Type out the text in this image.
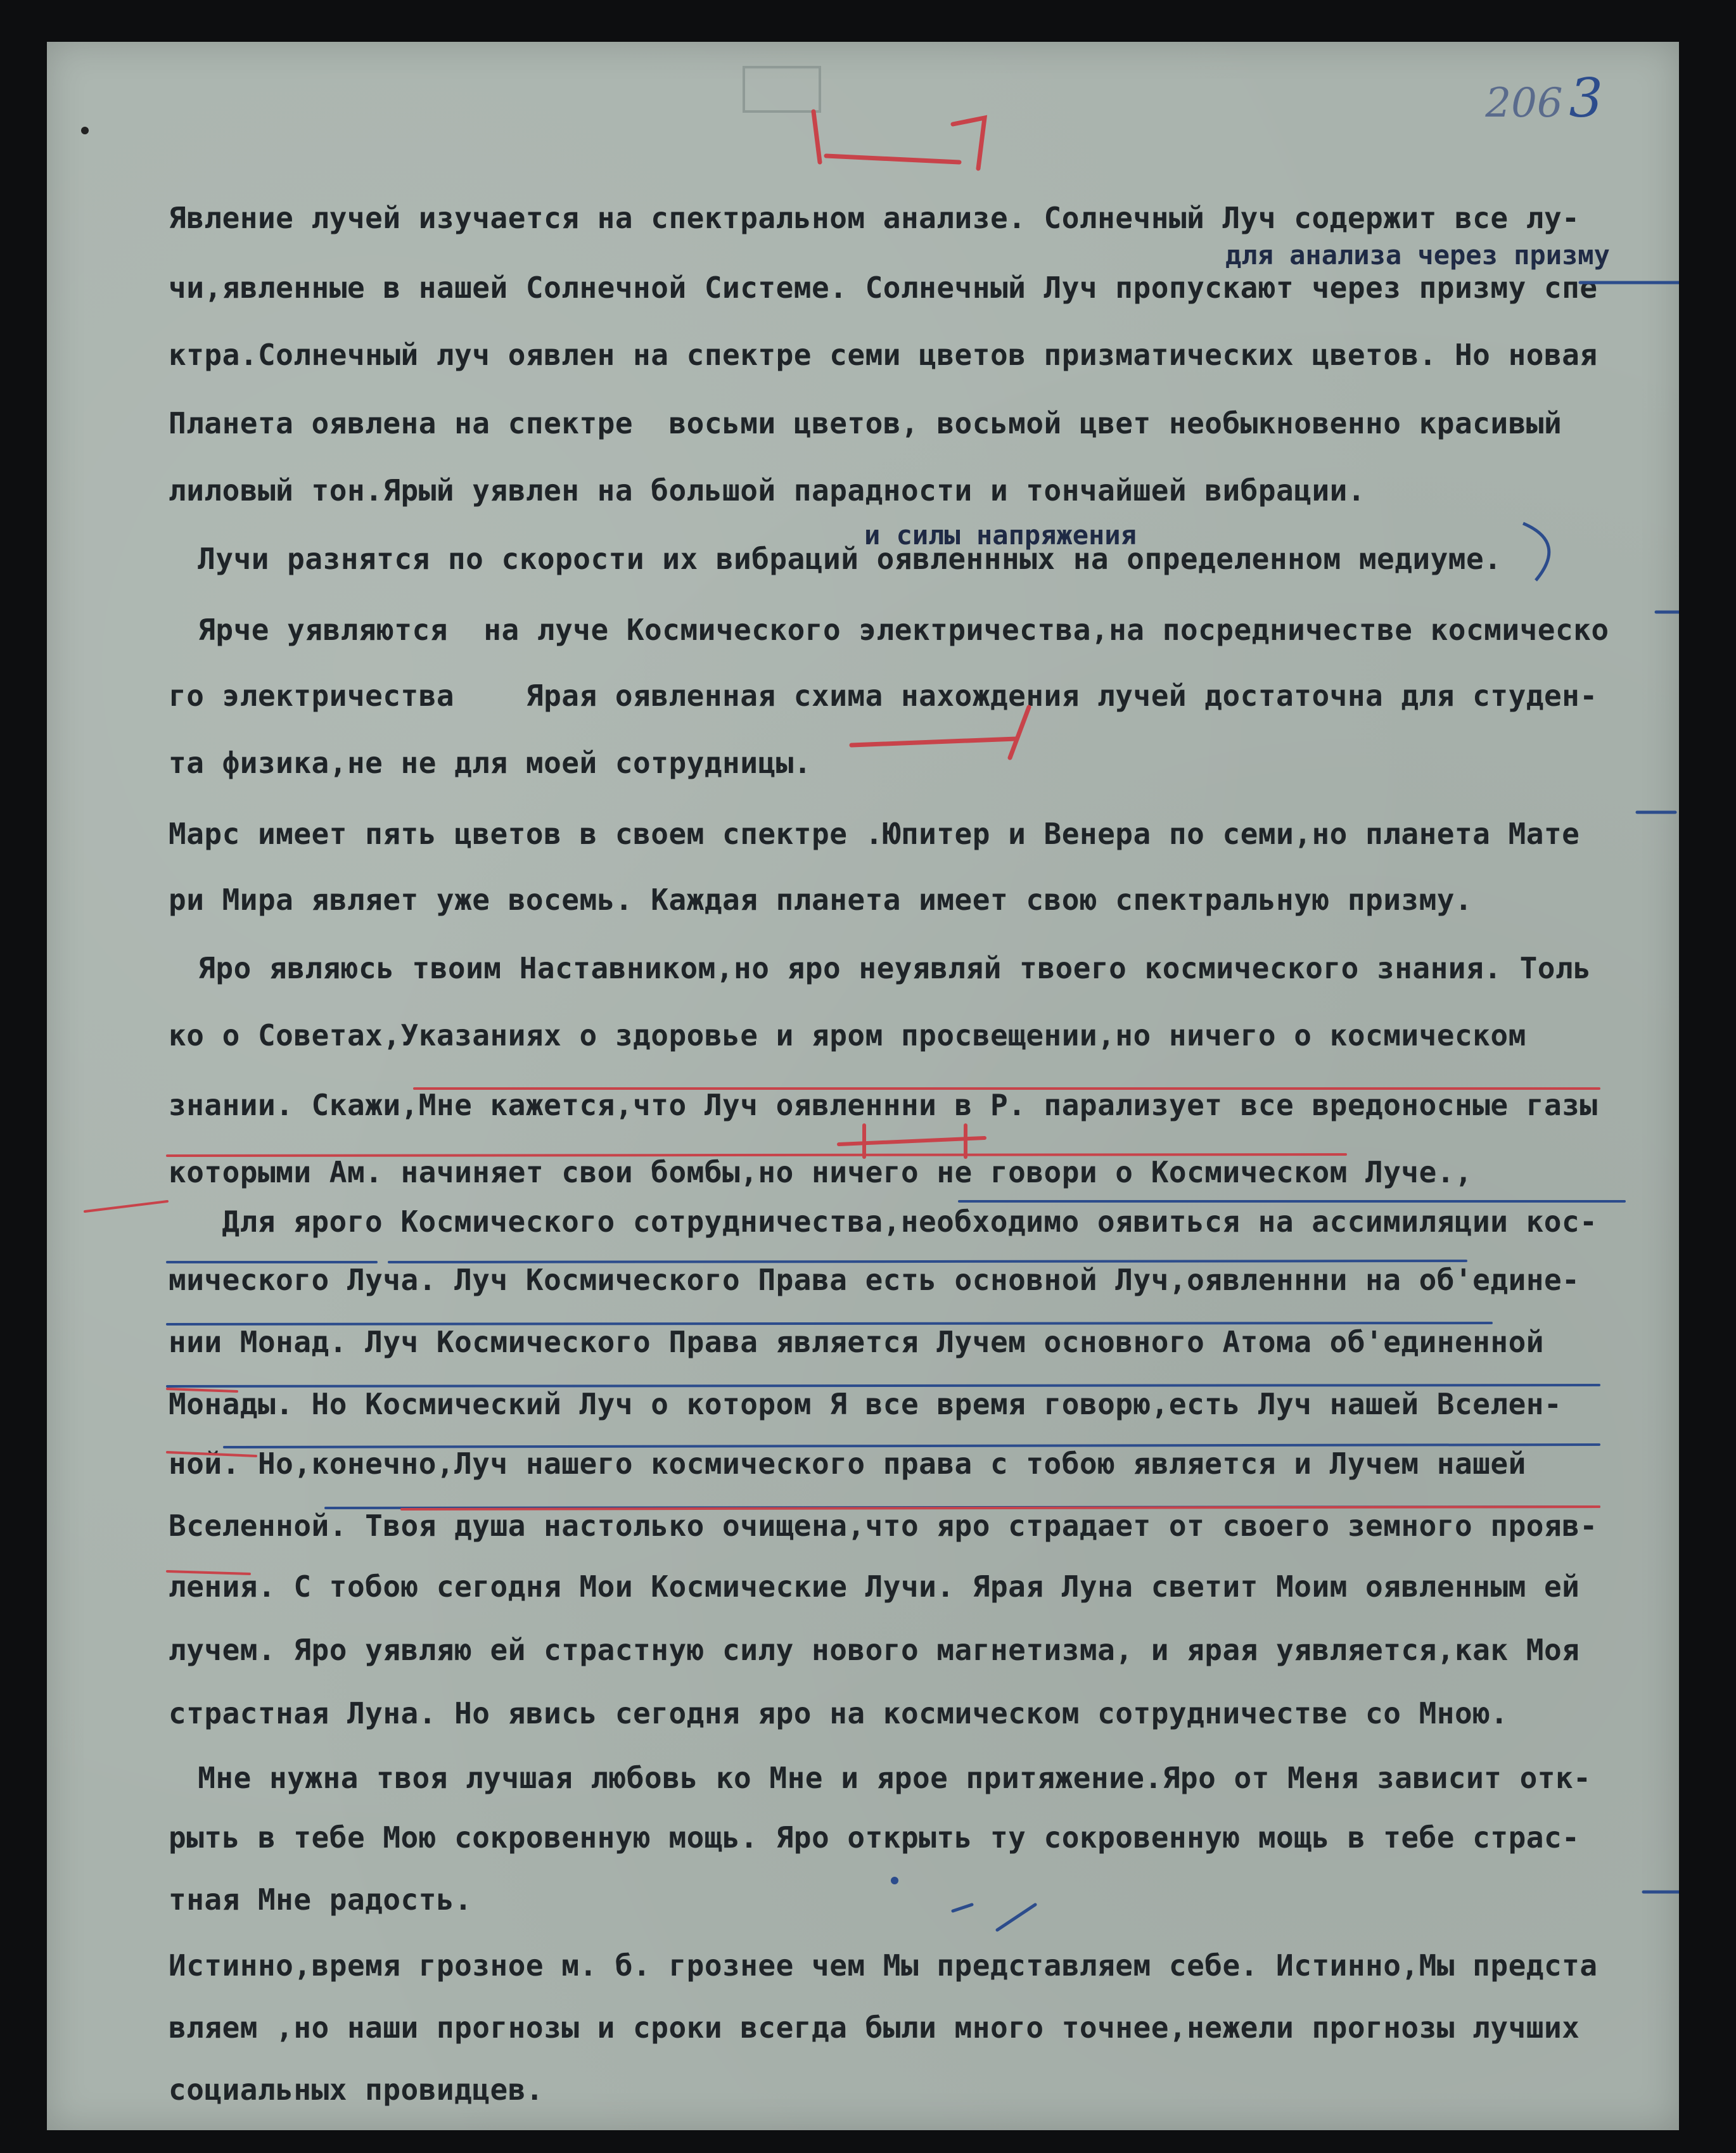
206 3
для анализа через призму
и силы напряжения
Явление лучей изучается на спектральном анализе. Солнечный Луч содержит все лу-
чи,явленные в нашей Солнечной Системе. Солнечный Луч пропускают через призму спе
ктра.Солнечный луч оявлен на спектре семи цветов призматических цветов. Но новая
Планета оявлена на спектре  восьми цветов, восьмой цвет необыкновенно красивый
лиловый тон.Ярый уявлен на большой парадности и тончайшей вибрации.
Лучи разнятся по скорости их вибраций оявленнных на определенном медиуме.
Ярче уявляются  на луче Космического электричества,на посредничестве космическо
го электричества    Ярая оявленная схима нахождения лучей достаточна для студен-
та физика,не не для моей сотрудницы.
Марс имеет пять цветов в своем спектре .Юпитер и Венера по семи,но планета Мате
ри Мира являет уже восемь. Каждая планета имеет свою спектральную призму.
Яро являюсь твоим Наставником,но яро неуявляй твоего космического знания. Толь
ко о Советах,Указаниях о здоровье и яром просвещении,но ничего о космическом
знании. Скажи,Мне кажется,что Луч оявленнни в Р. парализует все вредоносные газы
которыми Ам. начиняет свои бомбы,но ничего не говори о Космическом Луче.,
Для ярого Космического сотрудничества,необходимо оявиться на ассимиляции кос-
мического Луча. Луч Космического Права есть основной Луч,оявленнни на об'едине-
нии Монад. Луч Космического Права является Лучем основного Атома об'единенной
Монады. Но Космический Луч о котором Я все время говорю,есть Луч нашей Вселен-
ной. Но,конечно,Луч нашего космического права с тобою является и Лучем нашей
Вселенной. Твоя душа настолько очищена,что яро страдает от своего земного прояв-
ления. С тобою сегодня Мои Космические Лучи. Ярая Луна светит Моим оявленным ей
лучем. Яро уявляю ей страстную силу нового магнетизма, и ярая уявляется,как Моя
страстная Луна. Но явись сегодня яро на космическом сотрудничестве со Мною.
Мне нужна твоя лучшая любовь ко Мне и ярое притяжение.Яро от Меня зависит отк-
рыть в тебе Мою сокровенную мощь. Яро открыть ту сокровенную мощь в тебе страс-
тная Мне радость.
Истинно,время грозное м. б. грознее чем Мы представляем себе. Истинно,Мы предста
вляем ,но наши прогнозы и сроки всегда были много точнее,нежели прогнозы лучших
социальных провидцев.
